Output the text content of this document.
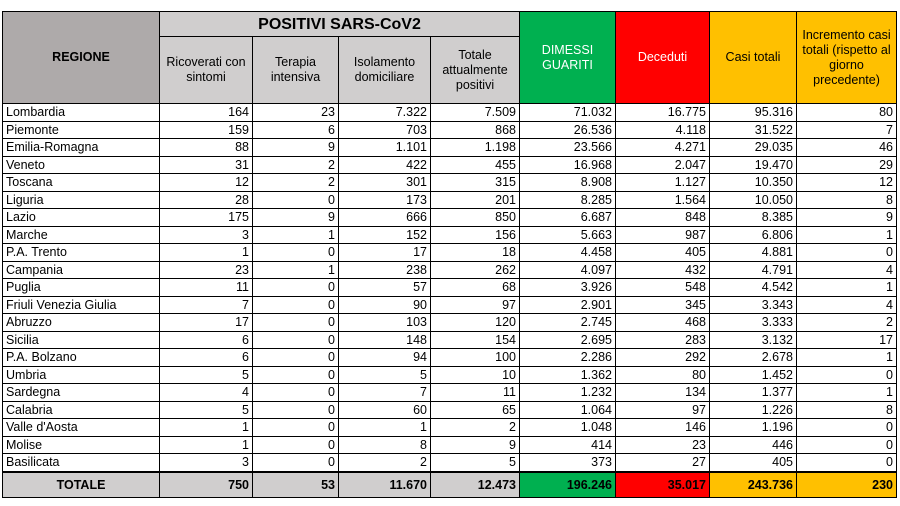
REGIONE	POSITIVI SARS-CoV2				DIMESSI GUARITI	Deceduti	Casi totali	Incremento casi totali (rispetto al giorno precedente)
	Ricoverati con sintomi	Terapia intensiva	Isolamento domiciliare	Totale attualmente positivi				
Lombardia	164	23	7.322	7.509	71.032	16.775	95.316	80
Piemonte	159	6	703	868	26.536	4.118	31.522	7
Emilia-Romagna	88	9	1.101	1.198	23.566	4.271	29.035	46
Veneto	31	2	422	455	16.968	2.047	19.470	29
Toscana	12	2	301	315	8.908	1.127	10.350	12
Liguria	28	0	173	201	8.285	1.564	10.050	8
Lazio	175	9	666	850	6.687	848	8.385	9
Marche	3	1	152	156	5.663	987	6.806	1
P.A. Trento	1	0	17	18	4.458	405	4.881	0
Campania	23	1	238	262	4.097	432	4.791	4
Puglia	11	0	57	68	3.926	548	4.542	1
Friuli Venezia Giulia	7	0	90	97	2.901	345	3.343	4
Abruzzo	17	0	103	120	2.745	468	3.333	2
Sicilia	6	0	148	154	2.695	283	3.132	17
P.A. Bolzano	6	0	94	100	2.286	292	2.678	1
Umbria	5	0	5	10	1.362	80	1.452	0
Sardegna	4	0	7	11	1.232	134	1.377	1
Calabria	5	0	60	65	1.064	97	1.226	8
Valle d'Aosta	1	0	1	2	1.048	146	1.196	0
Molise	1	0	8	9	414	23	446	0
Basilicata	3	0	2	5	373	27	405	0
TOTALE	750	53	11.670	12.473	196.246	35.017	243.736	230
